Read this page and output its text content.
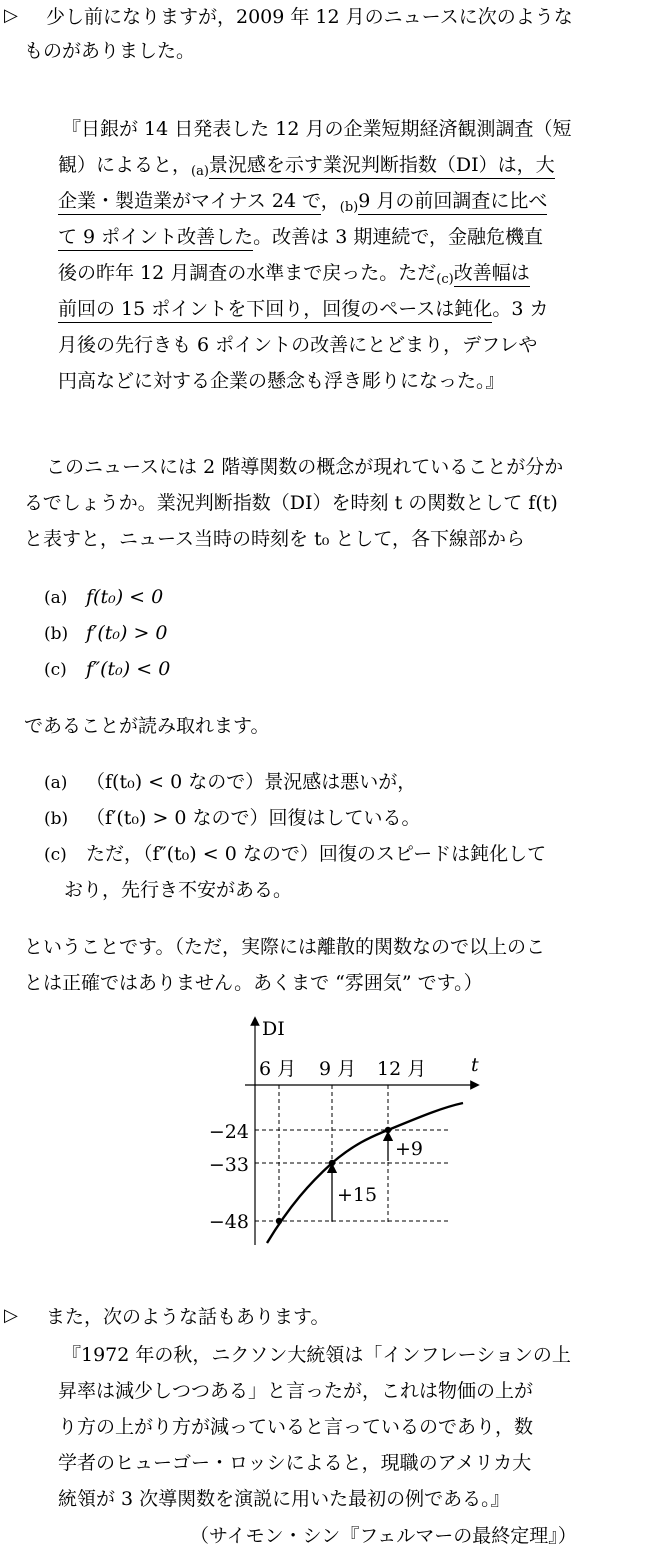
▷ 少し前になりますが，2009 年 12 月のニュースに次のような
ものがありました。
『日銀が 14 日発表した 12 月の企業短期経済観測調査（短
観）によると，$_{(a)}$景況感を示す業況判断指数（DI）は，大
企業・製造業がマイナス 24 で，$_{(b)}$9 月の前回調査に比べ
て 9 ポイント改善した。改善は 3 期連続で，金融危機直
後の昨年 12 月調査の水準まで戻った。ただ$_{(c)}$改善幅は
前回の 15 ポイントを下回り，回復のペースは鈍化。3 カ
月後の先行きも 6 ポイントの改善にとどまり，デフレや
円高などに対する企業の懸念も浮き彫りになった。』
このニュースには 2 階導関数の概念が現れていることが分か
るでしょうか。業況判断指数（DI）を時刻 t の関数として f(t)
と表すと，ニュース当時の時刻を t₀ として，各下線部から
(a) f(t₀) < 0
(b) f′(t₀) > 0
(c) f″(t₀) < 0
であることが読み取れます。
(a) （f(t₀) < 0 なので）景況感は悪いが，
(b) （f′(t₀) > 0 なので）回復はしている。
(c) ただ，（f″(t₀) < 0 なので）回復のスピードは鈍化して
おり，先行き不安がある。
ということです。（ただ，実際には離散的関数なので以上のこ
とは正確ではありません。あくまで “雰囲気” です。）
DI
t
6 月 9 月 12 月
−24
−33
−48
+9
+15
▷ また，次のような話もあります。
『1972 年の秋，ニクソン大統領は「インフレーションの上
昇率は減少しつつある」と言ったが，これは物価の上が
り方の上がり方が減っていると言っているのであり，数
学者のヒューゴー・ロッシによると，現職のアメリカ大
統領が 3 次導関数を演説に用いた最初の例である。』
（サイモン・シン『フェルマーの最終定理』）
